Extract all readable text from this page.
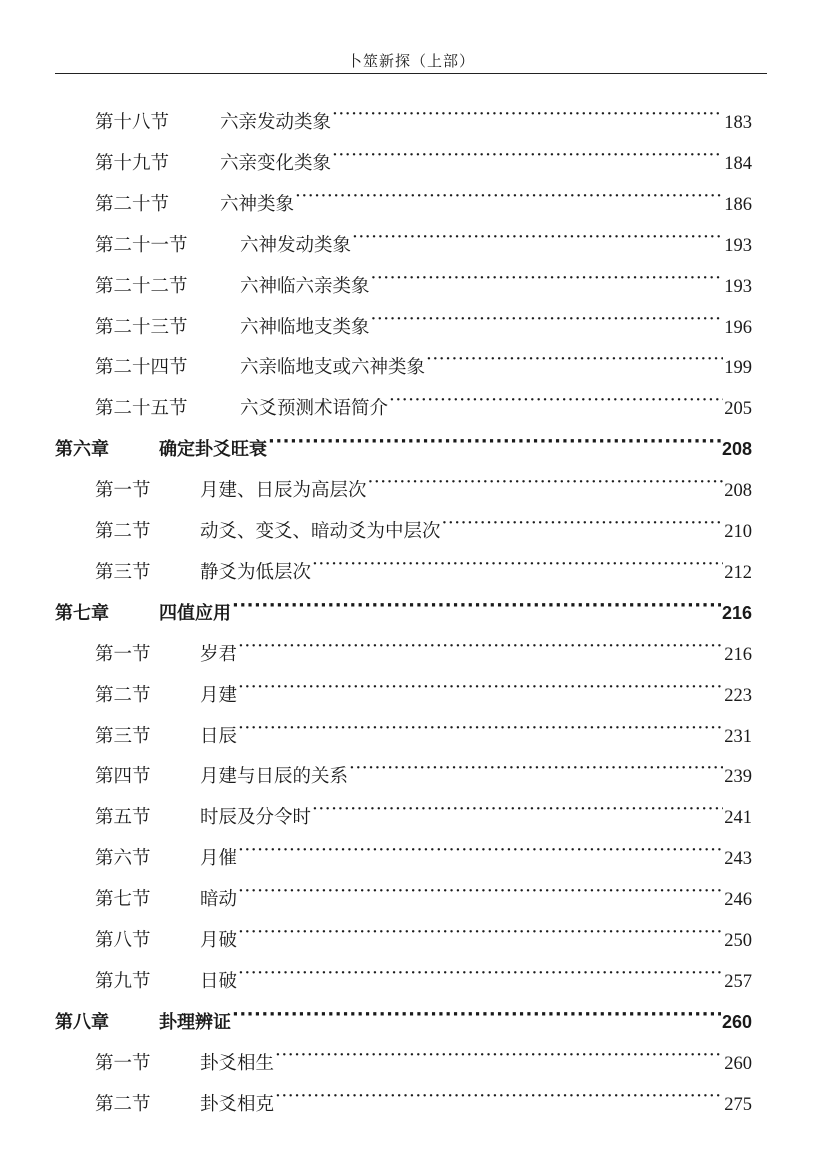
卜筮新探（上部）
第十八节	六亲发动类象 ·····	183
第十九节	六亲变化类象 ·····	184
第二十节	六神类象 ·····	186
第二十一节	六神发动类象 ·····	193
第二十二节	六神临六亲类象 ·····	193
第二十三节	六神临地支类象 ·····	196
第二十四节	六亲临地支或六神类象 ·····	199
第二十五节	六爻预测术语简介 ·····	205
第六章	确定卦爻旺衰 ·····	208
第一节	月建、日辰为高层次 ·····	208
第二节	动爻、变爻、暗动爻为中层次 ·····	210
第三节	静爻为低层次 ·····	212
第七章	四值应用 ·····	216
第一节	岁君 ·····	216
第二节	月建 ·····	223
第三节	日辰 ·····	231
第四节	月建与日辰的关系 ·····	239
第五节	时辰及分令时 ·····	241
第六节	月催 ·····	243
第七节	暗动 ·····	246
第八节	月破 ·····	250
第九节	日破 ·····	257
第八章	卦理辨证 ·····	260
第一节	卦爻相生 ·····	260
第二节	卦爻相克 ·····	275
